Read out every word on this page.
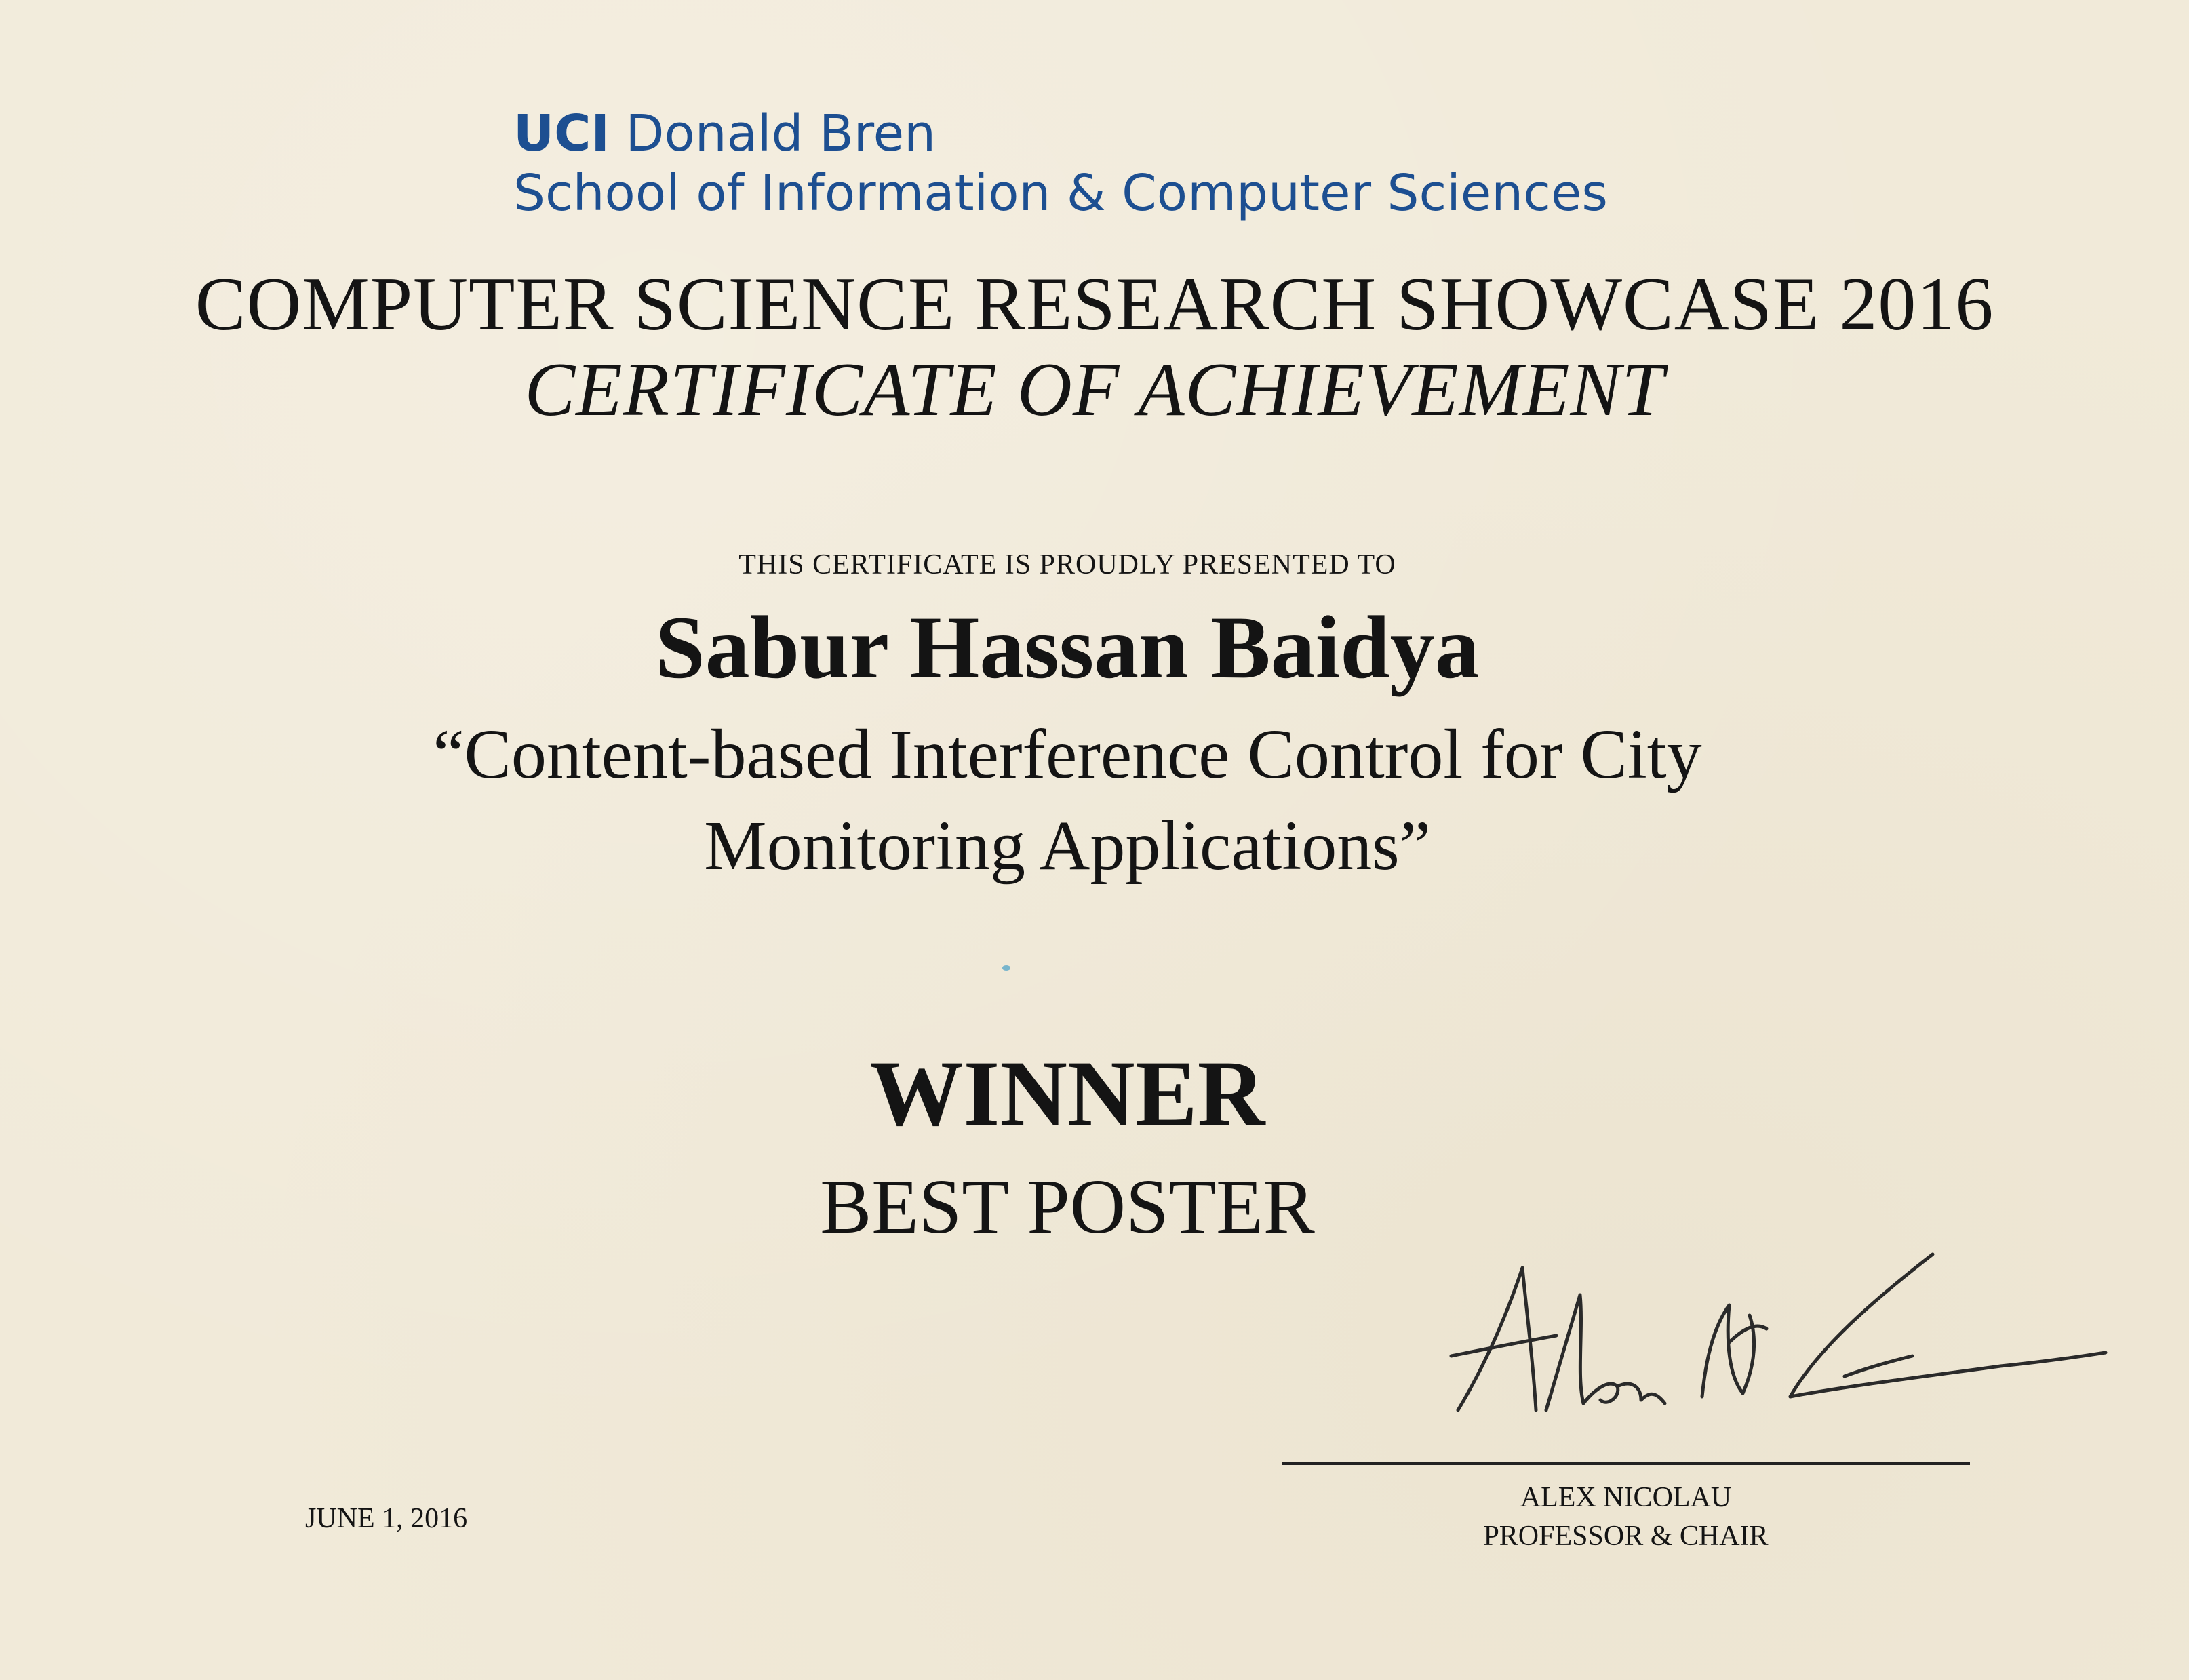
UCI Donald Bren
School of Information & Computer Sciences
COMPUTER SCIENCE RESEARCH SHOWCASE 2016
CERTIFICATE OF ACHIEVEMENT
THIS CERTIFICATE IS PROUDLY PRESENTED TO
Sabur Hassan Baidya
“Content-based Interference Control for City
Monitoring Applications”
WINNER
BEST POSTER
JUNE 1, 2016
ALEX NICOLAU
PROFESSOR & CHAIR
